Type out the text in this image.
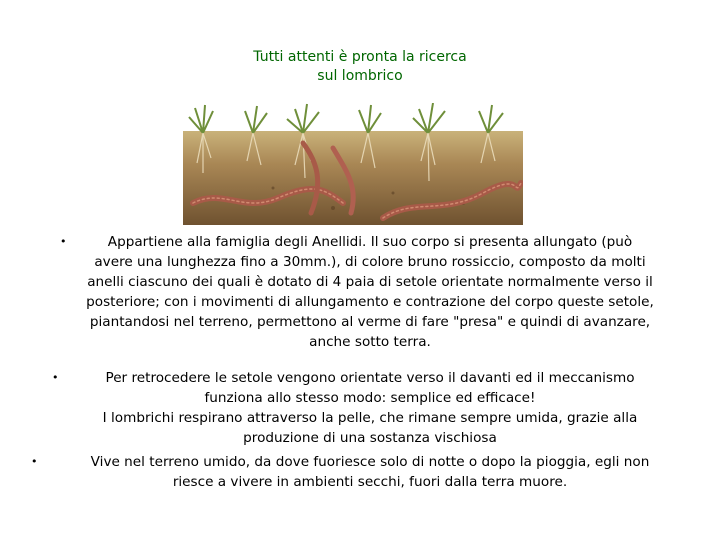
Tutti attenti è pronta la ricerca
sul lombrico
•	Appartiene alla famiglia degli Anellidi. Il suo corpo si presenta allungato (può
avere una lunghezza fino a 30mm.), di colore bruno rossiccio, composto da molti
anelli ciascuno dei quali è dotato di 4 paia di setole orientate normalmente verso il
posteriore; con i movimenti di allungamento e contrazione del corpo queste setole,
piantandosi nel terreno, permettono al verme di fare "presa" e quindi di avanzare,
anche sotto terra.
•	Per retrocedere le setole vengono orientate verso il davanti ed il meccanismo
funziona allo stesso modo: semplice ed efficace!
I lombrichi respirano attraverso la pelle, che rimane sempre umida, grazie alla
produzione di una sostanza vischiosa
•	Vive nel terreno umido, da dove fuoriesce solo di notte o dopo la pioggia, egli non
riesce a vivere in ambienti secchi, fuori dalla terra muore.
